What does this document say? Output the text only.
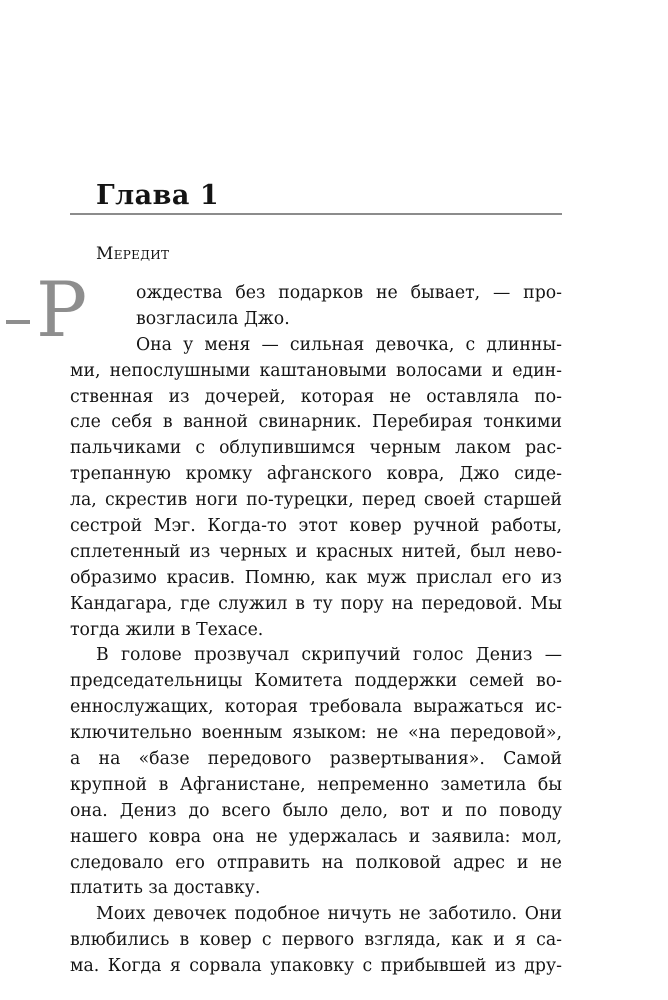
Глава 1
Мередит
Р	ождества без подарков не бывает, — про-
возгласила Джо.
Она у меня — сильная девочка, с длинны-
ми, непослушными каштановыми волосами и един-
ственная из дочерей, которая не оставляла по-
сле себя в ванной свинарник. Перебирая тонкими
пальчиками с облупившимся черным лаком рас-
трепанную кромку афганского ковра, Джо сиде-
ла, скрестив ноги по-турецки, перед своей старшей
сестрой Мэг. Когда-то этот ковер ручной работы,
сплетенный из черных и красных нитей, был нево-
образимо красив. Помню, как муж прислал его из
Кандагара, где служил в ту пору на передовой. Мы
тогда жили в Техасе.
В голове прозвучал скрипучий голос Дениз —
председательницы Комитета поддержки семей во-
еннослужащих, которая требовала выражаться ис-
ключительно военным языком: не «на передовой»,
а на «базе передового развертывания». Самой
крупной в Афганистане, непременно заметила бы
она. Дениз до всего было дело, вот и по поводу
нашего ковра она не удержалась и заявила: мол,
следовало его отправить на полковой адрес и не
платить за доставку.
Моих девочек подобное ничуть не заботило. Они
влюбились в ковер с первого взгляда, как и я са-
ма. Когда я сорвала упаковку с прибывшей из дру-
